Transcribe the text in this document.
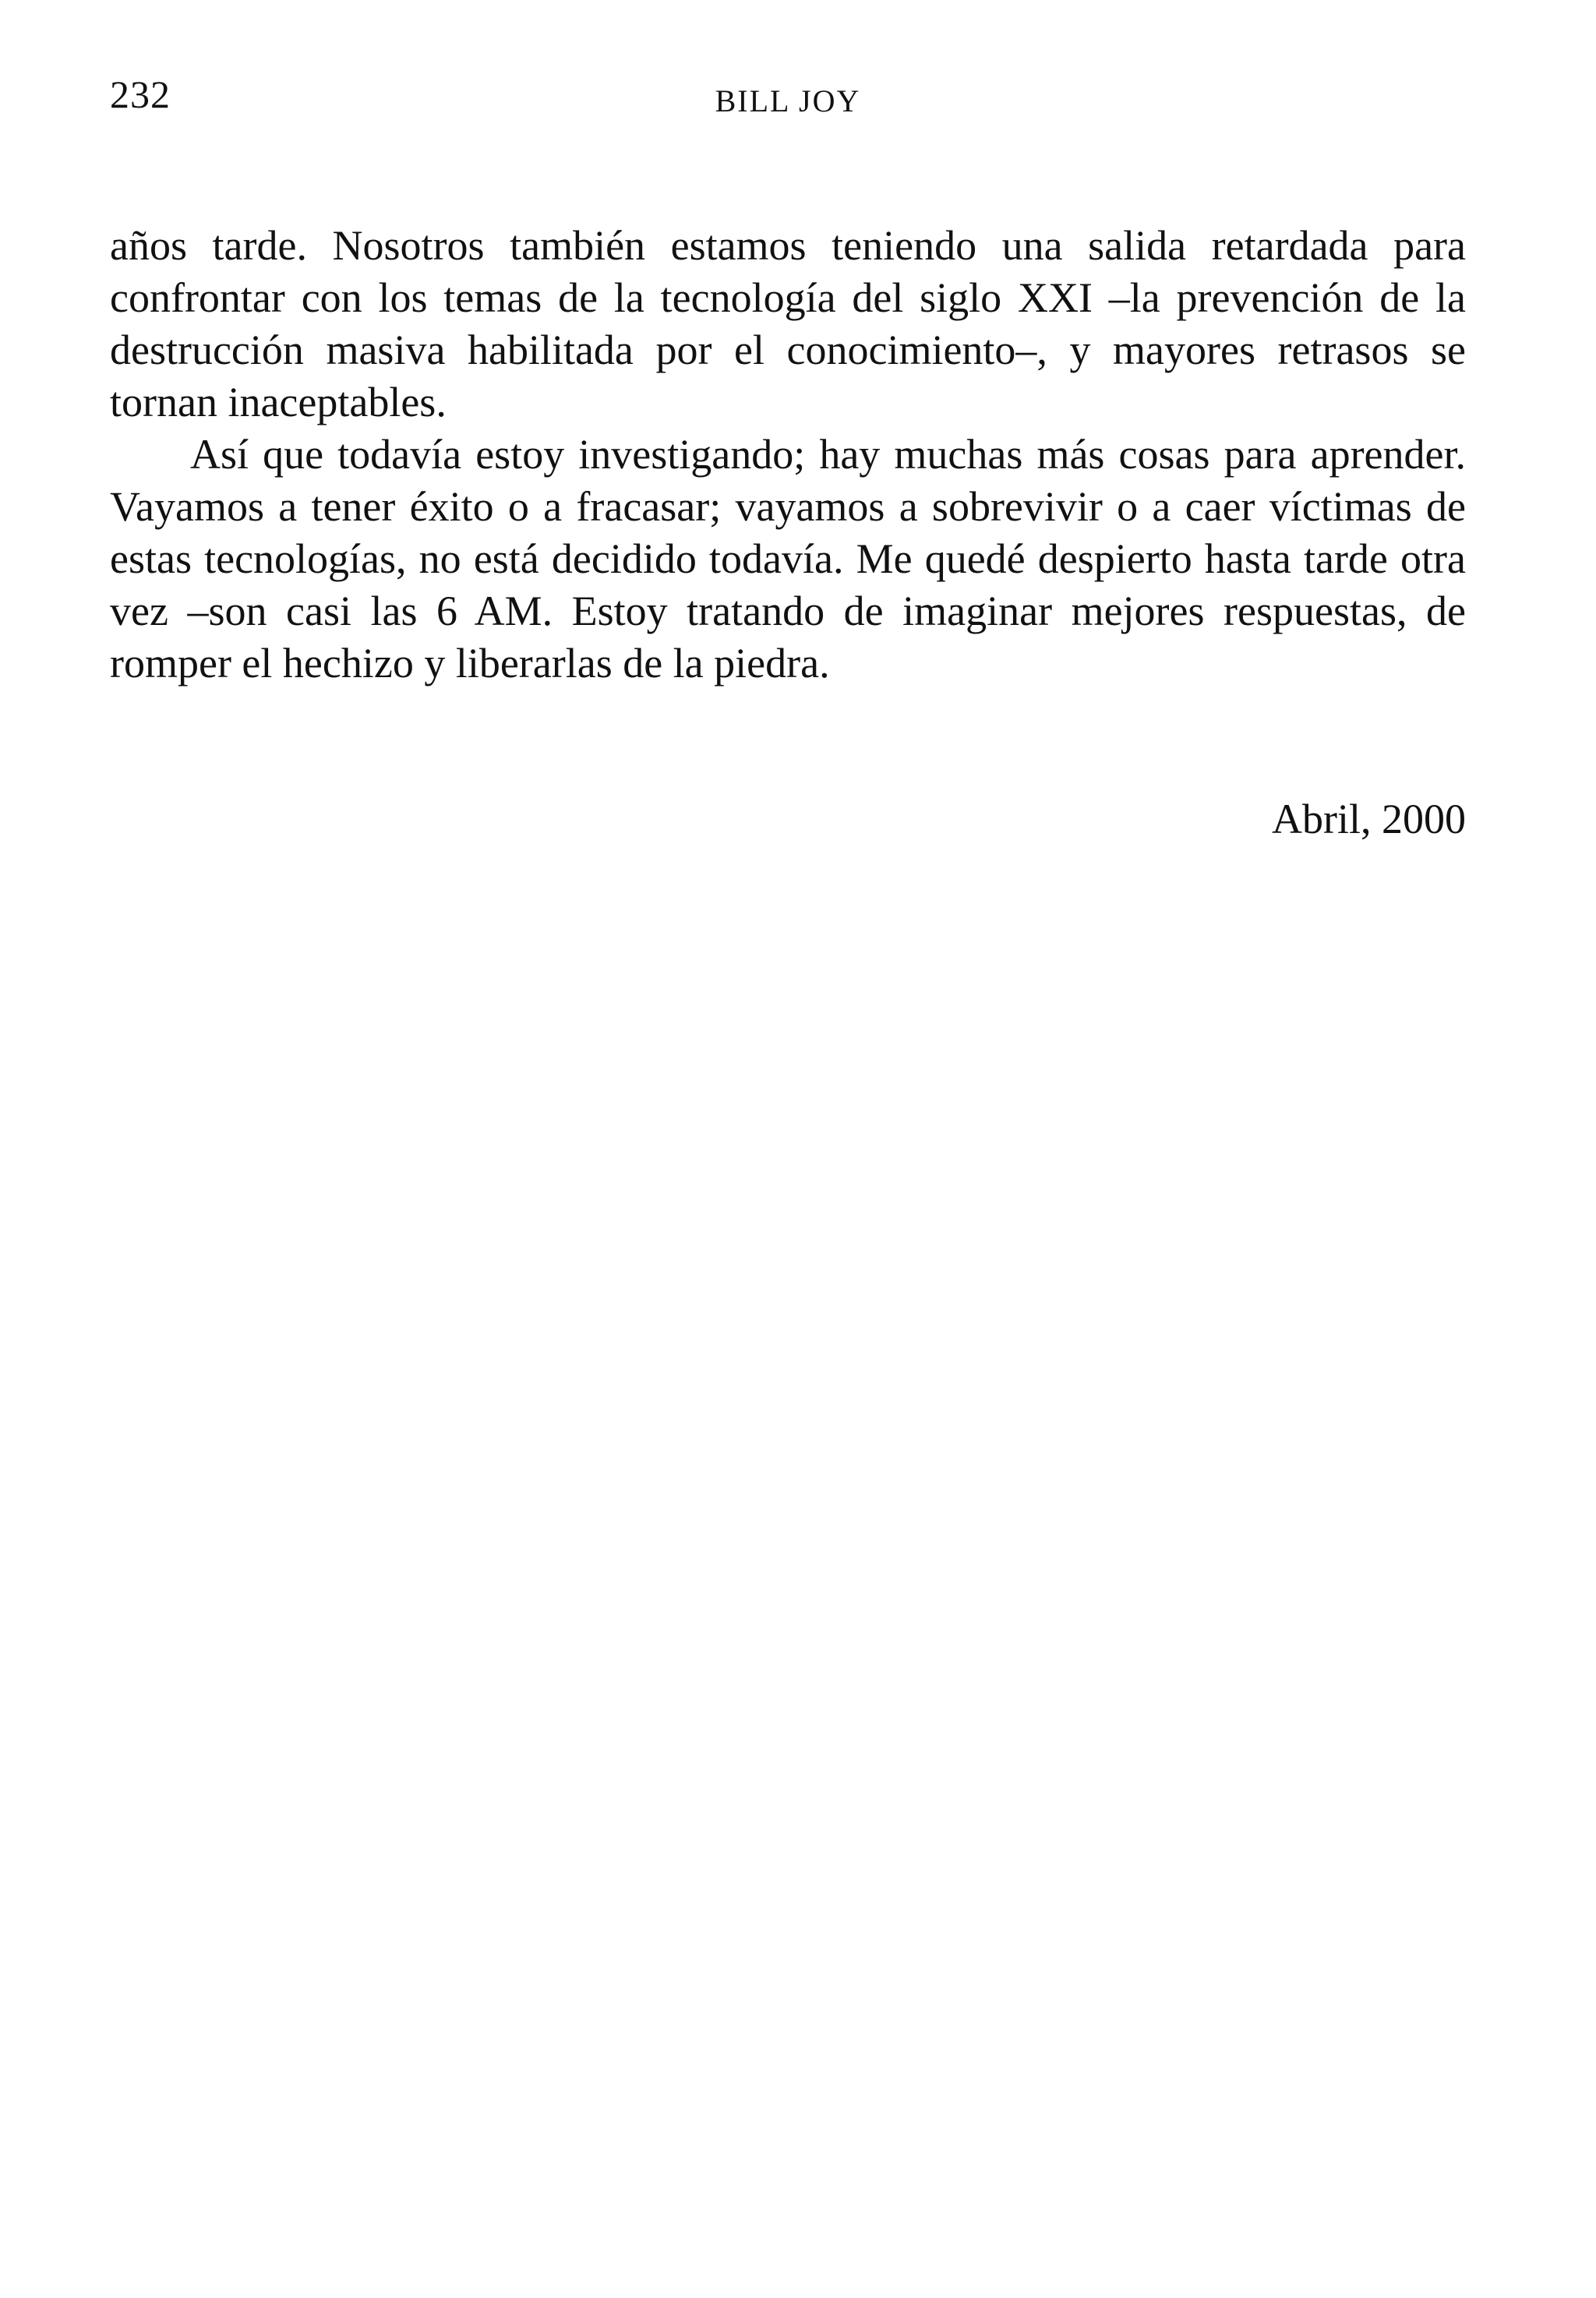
232	BILL JOY

años tarde. Nosotros también estamos teniendo una salida retardada para confrontar con los temas de la tecnología del siglo XXI –la prevención de la destrucción masiva habilitada por el conocimiento–, y mayores retrasos se tornan inaceptables.

Así que todavía estoy investigando; hay muchas más cosas para aprender. Vayamos a tener éxito o a fracasar; vayamos a sobrevivir o a caer víctimas de estas tecnologías, no está decidido todavía. Me quedé despierto hasta tarde otra vez –son casi las 6 AM. Estoy tratando de imaginar mejores respuestas, de romper el hechizo y liberarlas de la piedra.

Abril, 2000
